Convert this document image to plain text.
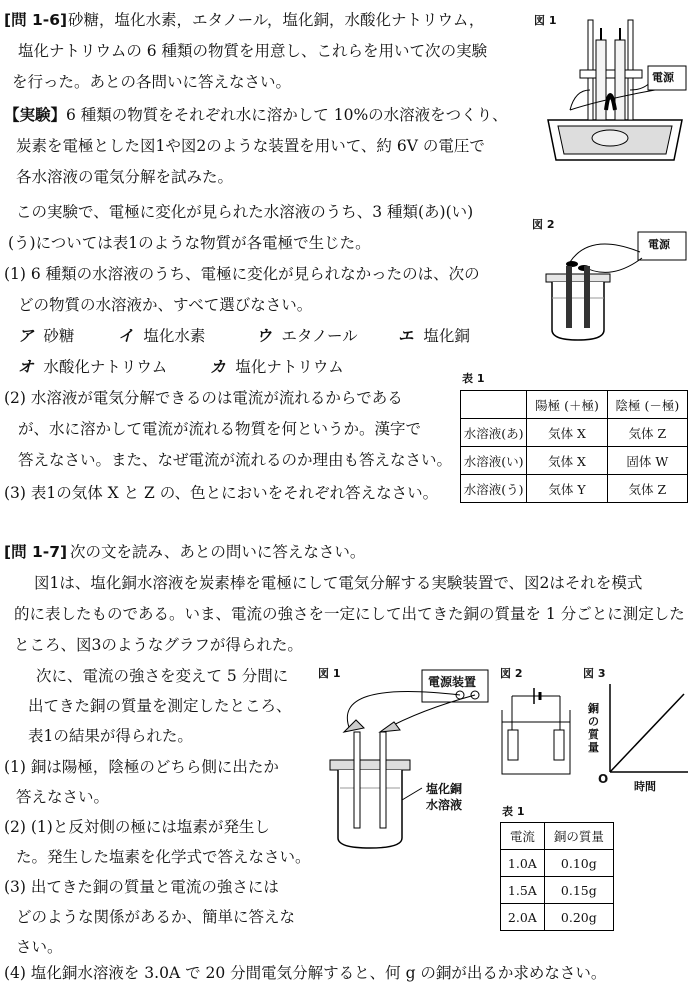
[問 1-6] 砂糖，塩化水素，エタノール，塩化銅，水酸化ナトリウム，
塩化ナトリウムの 6 種類の物質を用意し、これらを用いて次の実験
を行った。あとの各問いに答えなさい。
【実験】 6 種類の物質をそれぞれ水に溶かして 10%の水溶液をつくり、
炭素を電極とした図1や図2のような装置を用いて、約 6V の電圧で
各水溶液の電気分解を試みた。
この実験で、電極に変化が見られた水溶液のうち、3 種類(あ)(い)
(う)については表1のような物質が各電極で生じた。
(1) 6 種類の水溶液のうち、電極に変化が見られなかったのは、次の
どの物質の水溶液か、すべて選びなさい。
ア 砂糖	イ 塩化水素	ウ エタノール	エ 塩化銅
オ 水酸化ナトリウム	カ 塩化ナトリウム
(2) 水溶液が電気分解できるのは電流が流れるからである
が、水に溶かして電流が流れる物質を何というか。漢字で
答えなさい。また、なぜ電流が流れるのか理由も答えなさい。
(3) 表1の気体 X と Z の、色とにおいをそれぞれ答えなさい。
図 1
電源
図 2
電源
表 1
	陽極 (＋極)	陰極 (－極)
水溶液(あ)	気体 X	気体 Z
水溶液(い)	気体 X	固体 W
水溶液(う)	気体 Y	気体 Z
[問 1-7] 次の文を読み、あとの問いに答えなさい。
図1は、塩化銅水溶液を炭素棒を電極にして電気分解する実験装置で、図2はそれを模式
的に表したものである。いま、電流の強さを一定にして出てきた銅の質量を 1 分ごとに測定した
ところ、図3のようなグラフが得られた。
次に、電流の強さを変えて 5 分間に
出てきた銅の質量を測定したところ、
表1の結果が得られた。
(1) 銅は陽極，陰極のどちら側に出たか
答えなさい。
(2) (1)と反対側の極には塩素が発生し
た。発生した塩素を化学式で答えなさい。
(3) 出てきた銅の質量と電流の強さには
どのような関係があるか、簡単に答えな
さい。
(4) 塩化銅水溶液を 3.0A で 20 分間電気分解すると、何 g の銅が出るか求めなさい。
図 1
電源装置
塩化銅
水溶液
図 2	図 3
銅
の
質
量
O
時間
表 1
電流	銅の質量
1.0A	0.10g
1.5A	0.15g
2.0A	0.20g
